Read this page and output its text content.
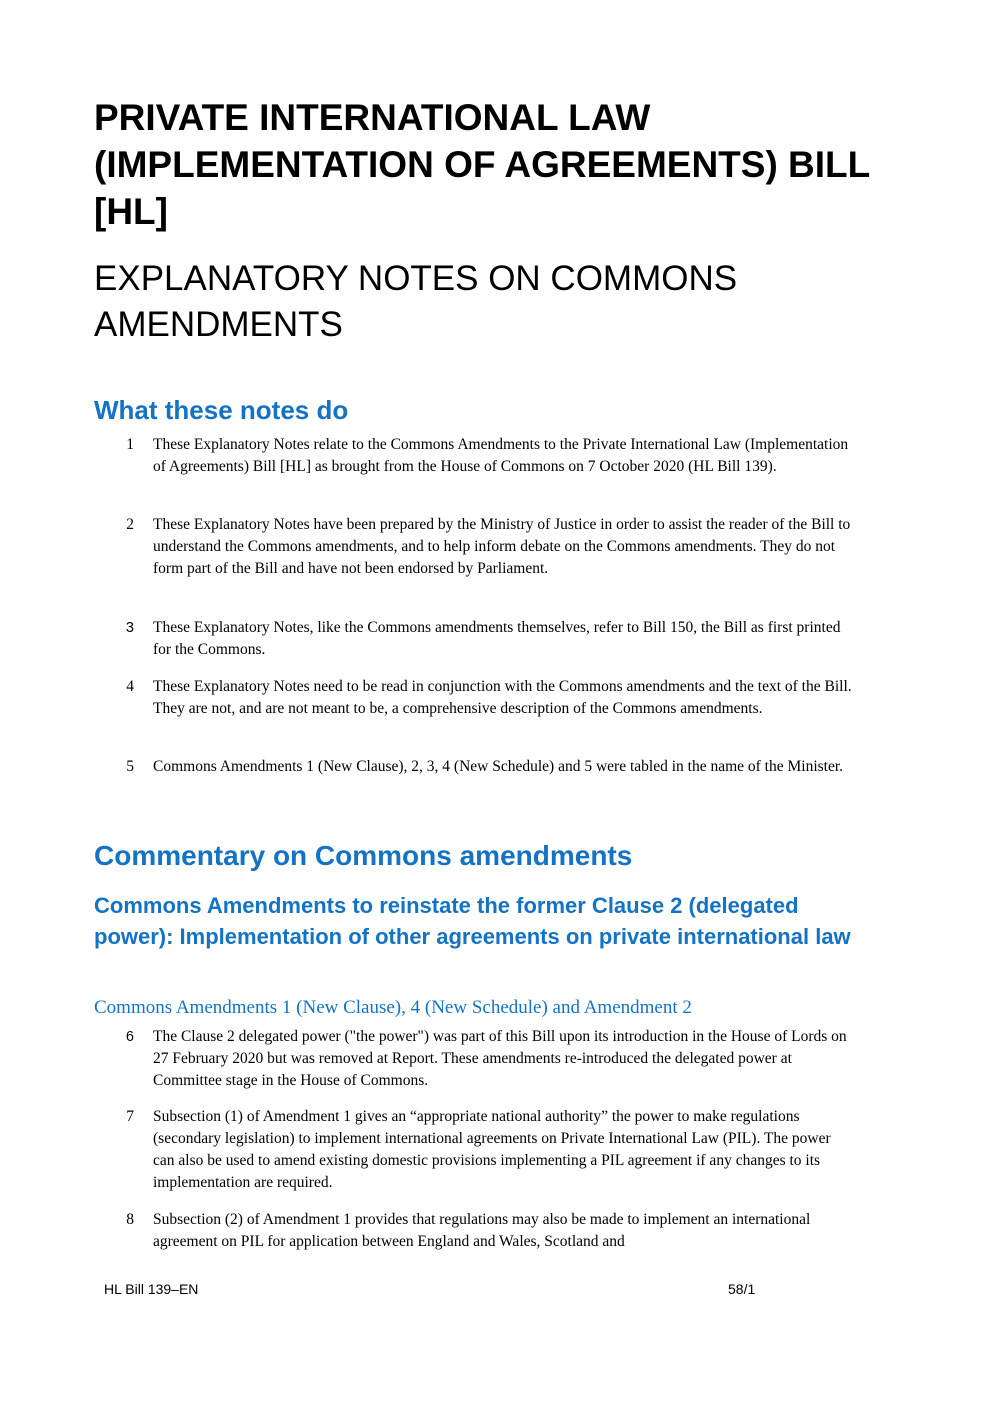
PRIVATE INTERNATIONAL LAW (IMPLEMENTATION OF AGREEMENTS) BILL [HL]
EXPLANATORY NOTES ON COMMONS AMENDMENTS
What these notes do
1 These Explanatory Notes relate to the Commons Amendments to the Private International Law (Implementation of Agreements) Bill [HL] as brought from the House of Commons on 7 October 2020 (HL Bill 139).
2 These Explanatory Notes have been prepared by the Ministry of Justice in order to assist the reader of the Bill to understand the Commons amendments, and to help inform debate on the Commons amendments. They do not form part of the Bill and have not been endorsed by Parliament.
3 These Explanatory Notes, like the Commons amendments themselves, refer to Bill 150, the Bill as first printed for the Commons.
4 These Explanatory Notes need to be read in conjunction with the Commons amendments and the text of the Bill. They are not, and are not meant to be, a comprehensive description of the Commons amendments.
5 Commons Amendments 1 (New Clause), 2, 3, 4 (New Schedule) and 5 were tabled in the name of the Minister.
Commentary on Commons amendments
Commons Amendments to reinstate the former Clause 2 (delegated power): Implementation of other agreements on private international law
Commons Amendments 1 (New Clause), 4 (New Schedule) and Amendment 2
6 The Clause 2 delegated power ("the power") was part of this Bill upon its introduction in the House of Lords on 27 February 2020 but was removed at Report. These amendments re-introduced the delegated power at Committee stage in the House of Commons.
7 Subsection (1) of Amendment 1 gives an “appropriate national authority” the power to make regulations (secondary legislation) to implement international agreements on Private International Law (PIL). The power can also be used to amend existing domestic provisions implementing a PIL agreement if any changes to its implementation are required.
8 Subsection (2) of Amendment 1 provides that regulations may also be made to implement an international agreement on PIL for application between England and Wales, Scotland and
HL Bill 139–EN	58/1
